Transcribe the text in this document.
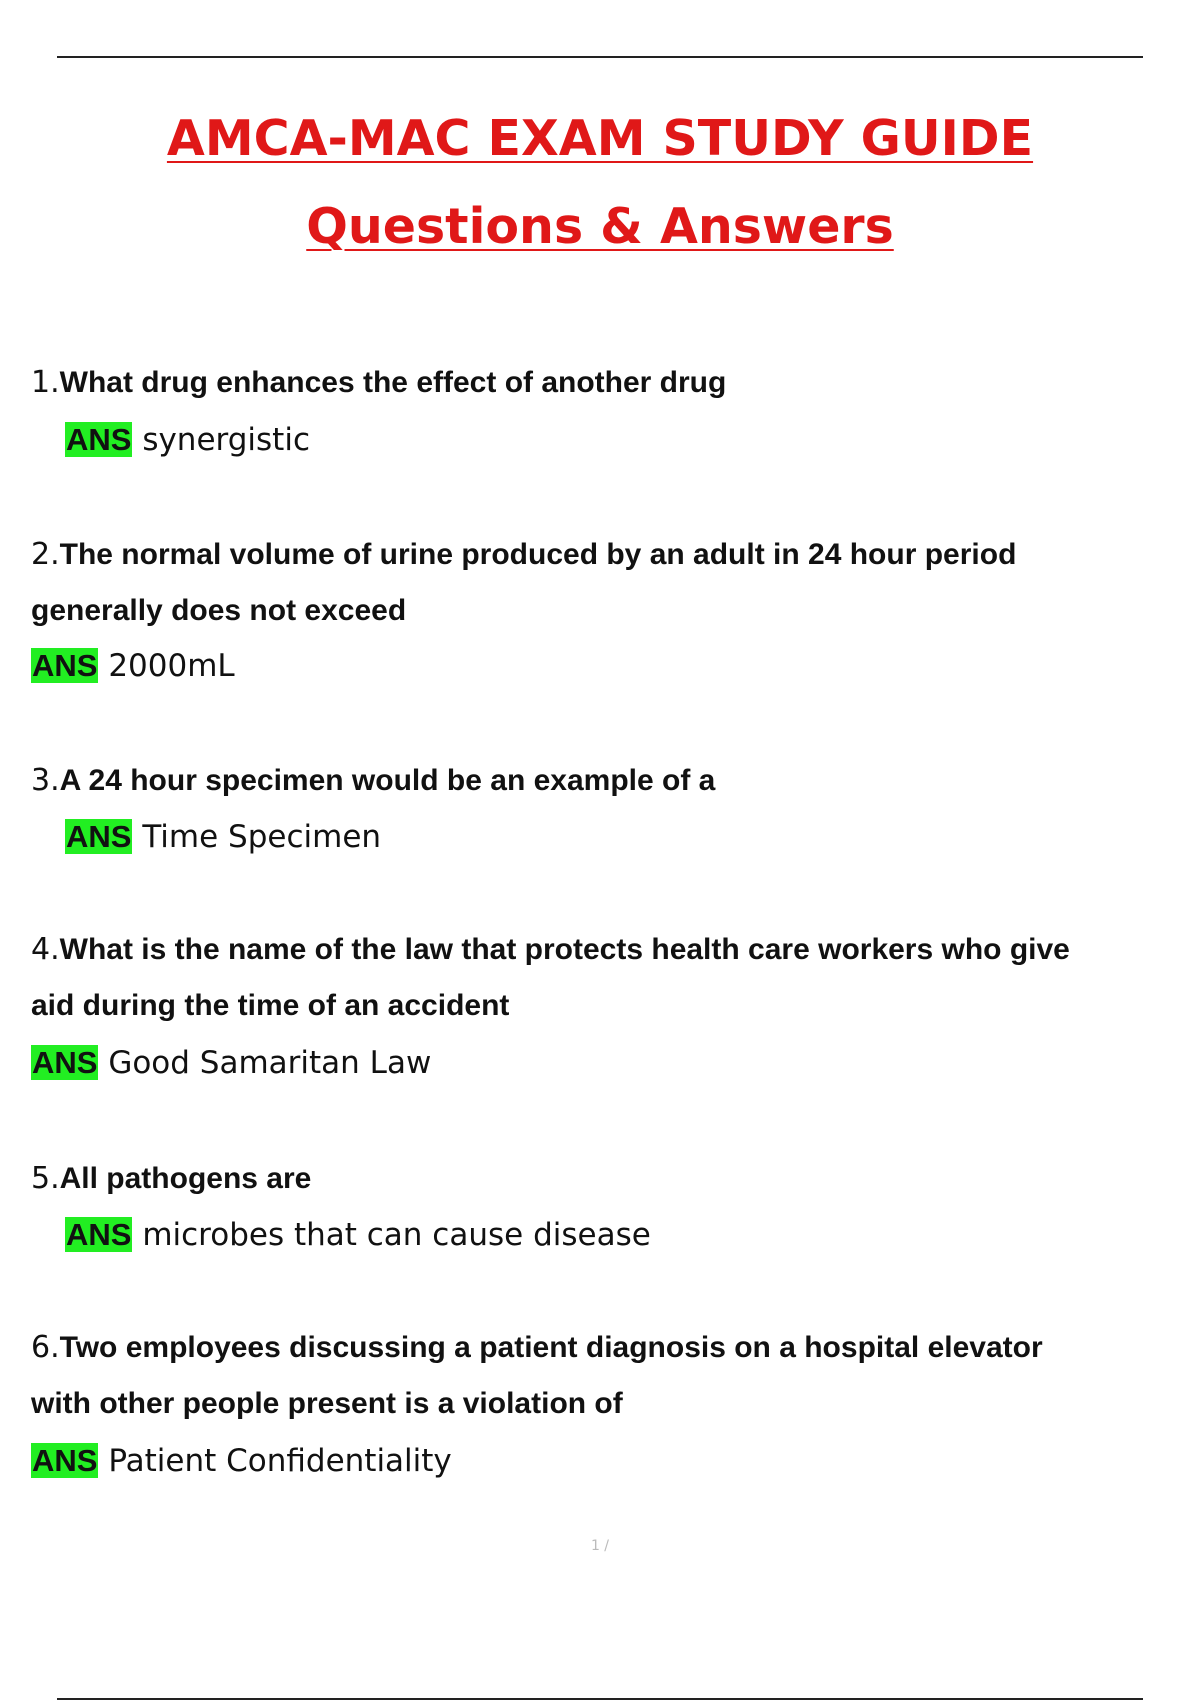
AMCA-MAC EXAM STUDY GUIDE
Questions & Answers
1.What drug enhances the effect of another drug
ANS synergistic
2.The normal volume of urine produced by an adult in 24 hour period
generally does not exceed
ANS 2000mL
3.A 24 hour specimen would be an example of a
ANS Time Specimen
4.What is the name of the law that protects health care workers who give
aid during the time of an accident
ANS Good Samaritan Law
5.All pathogens are
ANS microbes that can cause disease
6.Two employees discussing a patient diagnosis on a hospital elevator
with other people present is a violation of
ANS Patient Confidentiality
1 /
